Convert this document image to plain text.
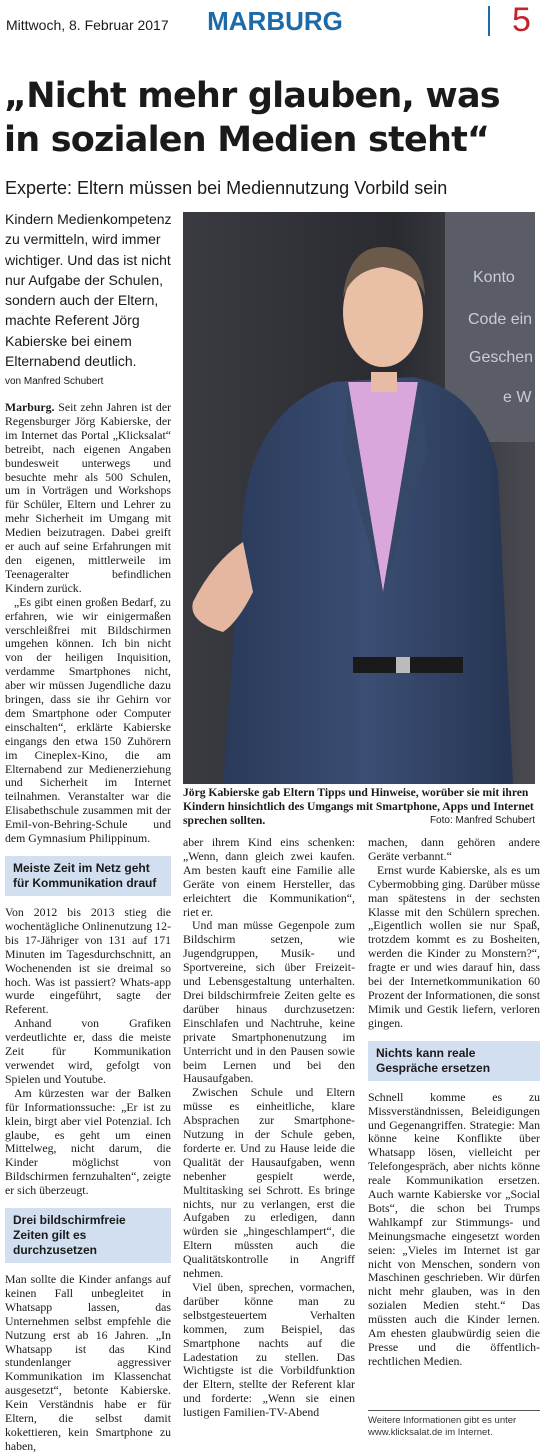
Mittwoch, 8. Februar 2017	MARBURG	5
„Nicht mehr glauben, was in sozialen Medien steht“
Experte: Eltern müssen bei Mediennutzung Vorbild sein
Kindern Medienkompetenz zu vermitteln, wird immer wichtiger. Und das ist nicht nur Aufgabe der Schulen, sondern auch der Eltern, machte Referent Jörg Kabierske bei einem Elternabend deutlich.
von Manfred Schubert

Marburg. Seit zehn Jahren ist der Regensburger Jörg Kabierske, der im Internet das Portal „Klicksalat“ betreibt, nach eigenen Angaben bundesweit unterwegs und besuchte mehr als 500 Schulen, um in Vorträgen und Workshops für Schüler, Eltern und Lehrer zu mehr Sicherheit im Umgang mit Medien beizutragen. Dabei greift er auch auf seine Erfahrungen mit den eigenen, mittlerweile im Teenageralter befindlichen Kindern zurück.

„Es gibt einen großen Bedarf, zu erfahren, wie wir einigermaßen verschleißfrei mit Bildschirmen umgehen können. Ich bin nicht von der heiligen Inquisition, verdamme Smartphones nicht, aber wir müssen Jugendliche dazu bringen, dass sie ihr Gehirn vor dem Smartphone oder Computer einschalten“, erklärte Kabierske eingangs den etwa 150 Zuhörern im Cineplex-Kino, die am Elternabend zur Medienerziehung und Sicherheit im Internet teilnahmen. Veranstalter war die Elisabethschule zusammen mit der Emil-von-Behring-Schule und dem Gymnasium Philippinum.

Meiste Zeit im Netz geht für Kommunikation drauf

Von 2012 bis 2013 stieg die wochentägliche Onlinenutzung 12- bis 17-Jähriger von 131 auf 171 Minuten im Tagesdurchschnitt, an Wochenenden ist sie dreimal so hoch. Was ist passiert? Whats-app wurde eingeführt, sagte der Referent.

Anhand von Grafiken verdeutlichte er, dass die meiste Zeit für Kommunikation verwendet wird, gefolgt von Spielen und Youtube.

Am kürzesten war der Balken für Informationssuche: „Er ist zu klein, birgt aber viel Potenzial. Ich glaube, es geht um einen Mittelweg, nicht darum, die Kinder möglichst von Bildschirmen fernzuhalten“, zeigte er sich überzeugt.

Drei bildschirmfreie Zeiten gilt es durchzusetzen

Man sollte die Kinder anfangs auf keinen Fall unbegleitet in Whatsapp lassen, das Unternehmen selbst empfehle die Nutzung erst ab 16 Jahren. „In Whatsapp ist das Kind stundenlanger aggressiver Kommunikation im Klassenchat ausgesetzt“, betonte Kabierske. Kein Verständnis habe er für Eltern, die selbst damit kokettieren, kein Smartphone zu haben,

Konto
Code ein
Geschen
e W
Jörg Kabierske gab Eltern Tipps und Hinweise, worüber sie mit ihren Kindern hinsichtlich des Umgangs mit Smartphone, Apps und Internet sprechen sollten.	Foto: Manfred Schubert

aber ihrem Kind eins schenken: „Wenn, dann gleich zwei kaufen. Am besten kauft eine Familie alle Geräte von einem Hersteller, das erleichtert die Kommunikation“, riet er.

Und man müsse Gegenpole zum Bildschirm setzen, wie Jugendgruppen, Musik- und Sportvereine, sich über Freizeit- und Lebensgestaltung unterhalten. Drei bildschirmfreie Zeiten gelte es darüber hinaus durchzusetzen: Einschlafen und Nachtruhe, keine private Smartphonenutzung im Unterricht und in den Pausen sowie beim Lernen und bei den Hausaufgaben.

Zwischen Schule und Eltern müsse es einheitliche, klare Absprachen zur Smartphone-Nutzung in der Schule geben, forderte er. Und zu Hause leide die Qualität der Hausaufgaben, wenn nebenher gespielt werde, Multitasking sei Schrott. Es bringe nichts, nur zu verlangen, erst die Aufgaben zu erledigen, dann würden sie „hingeschlampert“, die Eltern müssten auch die Qualitätskontrolle in Angriff nehmen.

Viel üben, sprechen, vormachen, darüber könne man zu selbstgesteuertem Verhalten kommen, zum Beispiel, das Smartphone nachts auf die Ladestation zu stellen. Das Wichtigste ist die Vorbildfunktion der Eltern, stellte der Referent klar und forderte: „Wenn sie einen lustigen Familien-TV-Abend

machen, dann gehören andere Geräte verbannt.“

Ernst wurde Kabierske, als es um Cybermobbing ging. Darüber müsse man spätestens in der sechsten Klasse mit den Schülern sprechen. „Eigentlich wollen sie nur Spaß, trotzdem kommt es zu Bosheiten, werden die Kinder zu Monstern?“, fragte er und wies darauf hin, dass bei der Internetkommunikation 60 Prozent der Informationen, die sonst Mimik und Gestik liefern, verloren gingen.

Nichts kann reale Gespräche ersetzen

Schnell komme es zu Missverständnissen, Beleidigungen und Gegenangriffen. Strategie: Man könne keine Konflikte über Whatsapp lösen, vielleicht per Telefongespräch, aber nichts könne reale Kommunikation ersetzen. Auch warnte Kabierske vor „Social Bots“, die schon bei Trumps Wahlkampf zur Stimmungs- und Meinungsmache eingesetzt worden seien: „Vieles im Internet ist gar nicht von Menschen, sondern von Maschinen geschrieben. Wir dürfen nicht mehr glauben, was in den sozialen Medien steht.“ Das müssten auch die Kinder lernen. Am ehesten glaubwürdig seien die Presse und die öffentlich-rechtlichen Medien.

Weitere Informationen gibt es unter www.klicksalat.de im Internet.
